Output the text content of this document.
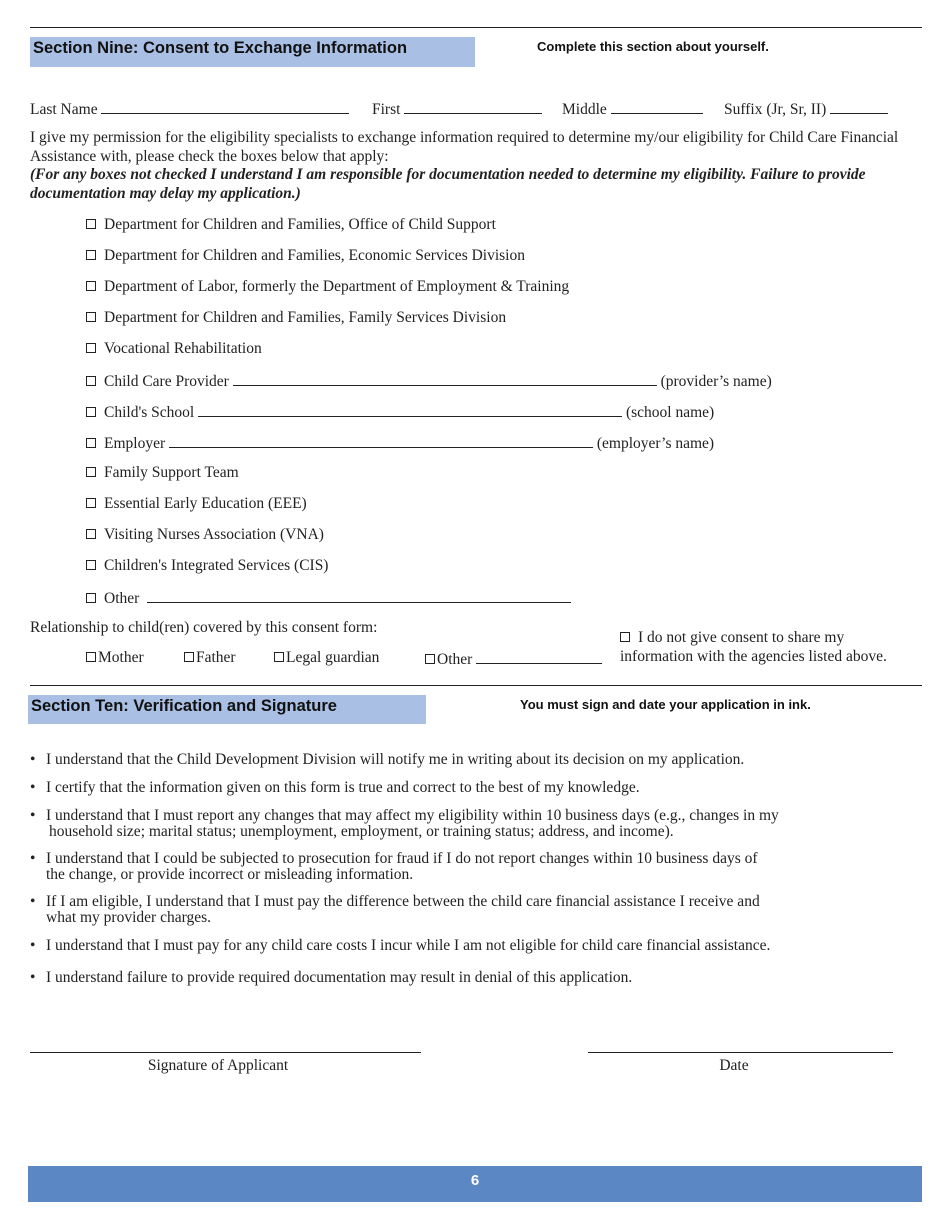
Section Nine: Consent to Exchange Information	Complete this section about yourself.
Last Name	First	Middle	Suffix (Jr, Sr, II)
I give my permission for the eligibility specialists to exchange information required to determine my/our eligibility for Child Care Financial Assistance with, please check the boxes below that apply:
(For any boxes not checked I understand I am responsible for documentation needed to determine my eligibility. Failure to provide documentation may delay my application.)
Department for Children and Families, Office of Child Support
Department for Children and Families, Economic Services Division
Department of Labor, formerly the Department of Employment & Training
Department for Children and Families, Family Services Division
Vocational Rehabilitation
Child Care Provider	(provider’s name)
Child's School	(school name)
Employer	(employer’s name)
Family Support Team
Essential Early Education (EEE)
Visiting Nurses Association (VNA)
Children's Integrated Services (CIS)
Other
Relationship to child(ren) covered by this consent form:
Mother	Father	Legal guardian	Other
I do not give consent to share my
information with the agencies listed above.
Section Ten: Verification and Signature	You must sign and date your application in ink.
• I understand that the Child Development Division will notify me in writing about its decision on my application.
• I certify that the information given on this form is true and correct to the best of my knowledge.
• I understand that I must report any changes that may affect my eligibility within 10 business days (e.g., changes in my
household size; marital status; unemployment, employment, or training status; address, and income).
• I understand that I could be subjected to prosecution for fraud if I do not report changes within 10 business days of
the change, or provide incorrect or misleading information.
• If I am eligible, I understand that I must pay the difference between the child care financial assistance I receive and
what my provider charges.
• I understand that I must pay for any child care costs I incur while I am not eligible for child care financial assistance.
• I understand failure to provide required documentation may result in denial of this application.
Signature of Applicant	Date
6
